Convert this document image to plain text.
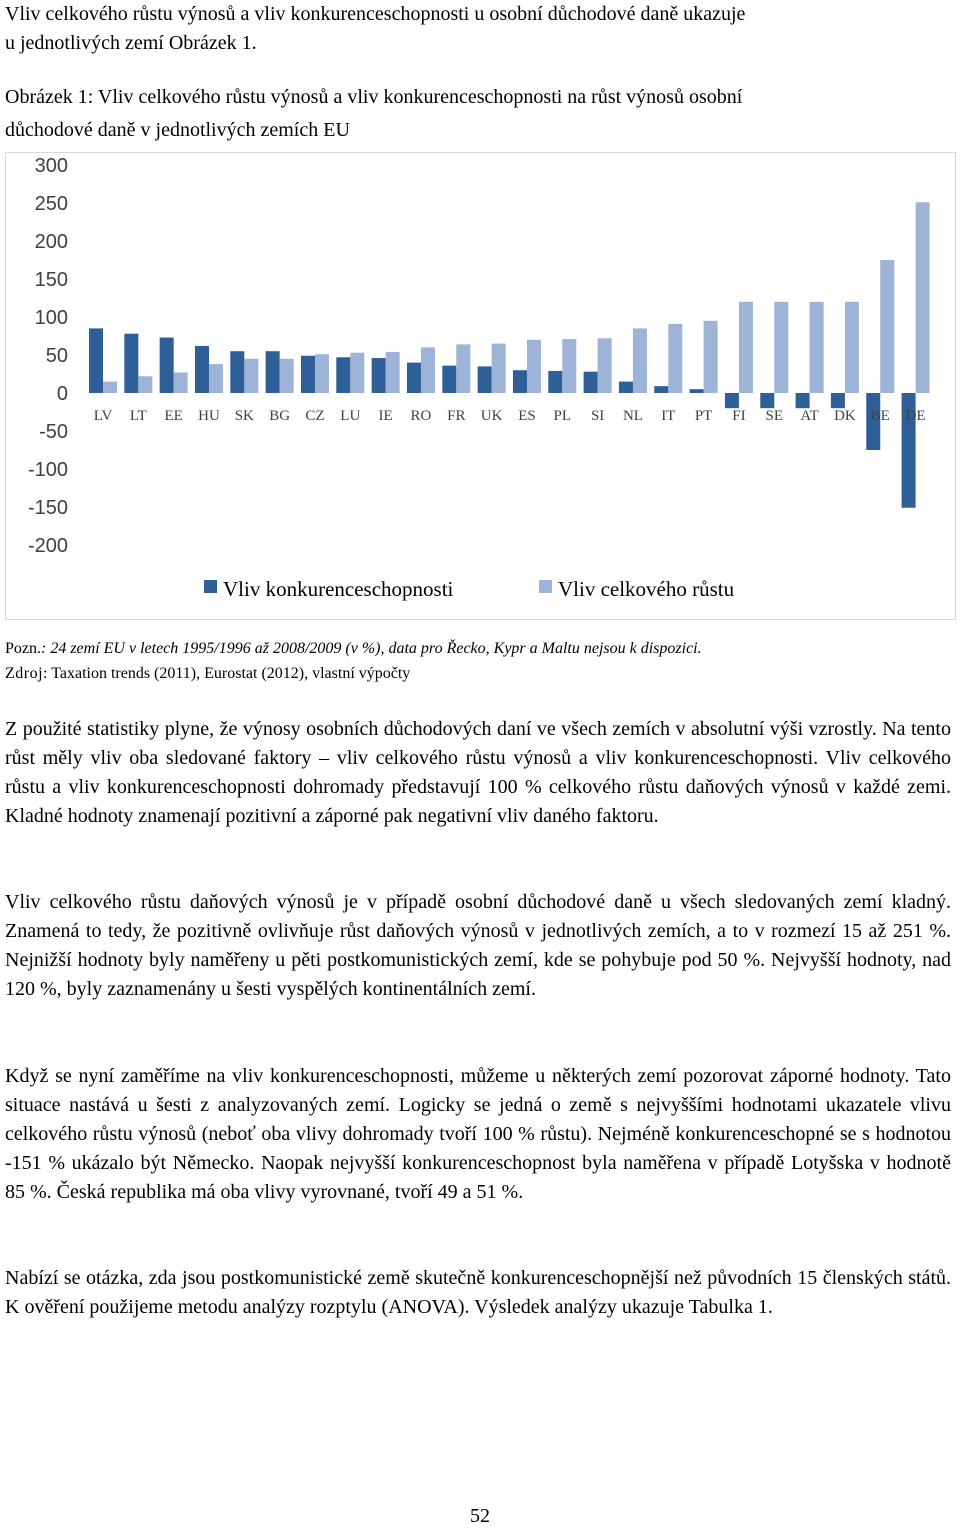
Vliv celkového růstu výnosů a vliv konkurenceschopnosti u osobní důchodové daně ukazuje
u jednotlivých zemí Obrázek 1.

Obrázek 1: Vliv celkového růstu výnosů a vliv konkurenceschopnosti na růst výnosů osobní
důchodové daně v jednotlivých zemích EU
300
250
200
150
100
50
0
-50
-100
-150
-200
LV LT EE HU SK BG CZ LU IE RO FR UK ES PL SI NL IT PT FI SE AT DK BE DE
Vliv konkurenceschopnosti	Vliv celkového růstu
Pozn.: 24 zemí EU v letech 1995/1996 až 2008/2009 (v %), data pro Řecko, Kypr a Maltu nejsou k dispozici.
Zdroj: Taxation trends (2011), Eurostat (2012), vlastní výpočty

Z použité statistiky plyne, že výnosy osobních důchodových daní ve všech zemích v absolutní výši vzrostly. Na tento růst měly vliv oba sledované faktory – vliv celkového růstu výnosů a vliv konkurenceschopnosti. Vliv celkového růstu a vliv konkurenceschopnosti dohromady představují 100 % celkového růstu daňových výnosů v každé zemi. Kladné hodnoty znamenají pozitivní a záporné pak negativní vliv daného faktoru.

Vliv celkového růstu daňových výnosů je v případě osobní důchodové daně u všech sledovaných zemí kladný. Znamená to tedy, že pozitivně ovlivňuje růst daňových výnosů v jednotlivých zemích, a to v rozmezí 15 až 251 %. Nejnižší hodnoty byly naměřeny u pěti postkomunistických zemí, kde se pohybuje pod 50 %. Nejvyšší hodnoty, nad 120 %, byly zaznamenány u šesti vyspělých kontinentálních zemí.

Když se nyní zaměříme na vliv konkurenceschopnosti, můžeme u některých zemí pozorovat záporné hodnoty. Tato situace nastává u šesti z analyzovaných zemí. Logicky se jedná o země s nejvyššími hodnotami ukazatele vlivu celkového růstu výnosů (neboť oba vlivy dohromady tvoří 100 % růstu). Nejméně konkurenceschopné se s hodnotou -151 % ukázalo být Německo. Naopak nejvyšší konkurenceschopnost byla naměřena v případě Lotyšska v hodnotě 85 %. Česká republika má oba vlivy vyrovnané, tvoří 49 a 51 %.

Nabízí se otázka, zda jsou postkomunistické země skutečně konkurenceschopnější než původních 15 členských států. K ověření použijeme metodu analýzy rozptylu (ANOVA). Výsledek analýzy ukazuje Tabulka 1.

52
